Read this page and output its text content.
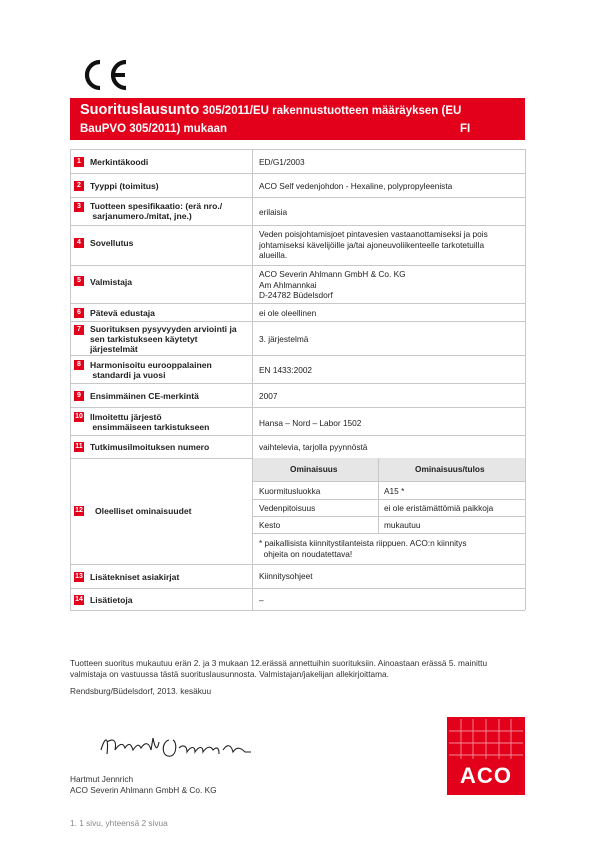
Suorituslausunto 305/2011/EU rakennustuotteen määräyksen (EU
BauPVO 305/2011) mukaan	FI
1	Merkintäkoodi	ED/G1/2003
2	Tyyppi (toimitus)	ACO Self vedenjohdon - Hexaline, polypropyleenista
3	Tuotteen spesifikaatio: (erä nro./
sarjanumero./mitat, jne.)	erilaisia
4	Sovellutus
Veden poisjohtamisjoet pintavesien vastaanottamiseksi ja pois
johtamiseksi kävelijöille ja/tai ajoneuvoliikenteelle tarkotetuilla
alueilla.
5	Valmistaja
ACO Severin Ahlmann GmbH & Co. KG
Am Ahlmannkai
D-24782 Büdelsdorf
6	Pätevä edustaja	ei ole oleellinen
7	Suorituksen pysyvyyden arviointi ja
sen tarkistukseen käytetyt
järjestelmät
3. järjestelmä
8	Harmonisoitu eurooppalainen
standardi ja vuosi	EN 1433:2002
9	Ensimmäinen CE-merkintä	2007
10 Ilmoitettu järjestö
ensimmäiseen tarkistukseen	Hansa – Nord – Labor 1502
11 Tutkimusilmoituksen numero	vaihtelevia, tarjolla pyynnöstä
12 Oleelliset ominaisuudet
Ominaisuus	Ominaisuus/tulos
Kuormitusluokka	A15 *
Vedenpitoisuus	ei ole eristämättömiä paikkoja
Kesto	mukautuu
* paikallisista kiinnitystilanteista riippuen. ACO:n kiinnitys
ohjeita on noudatettava!
13 Lisätekniset asiakirjat	Kiinnitysohjeet
14 Lisätietoja	–
Tuotteen suoritus mukautuu erän 2. ja 3 mukaan 12.erässä annettuihin suorituksiin. Ainoastaan erässä 5. mainittu
valmistaja on vastuussa tästä suorituslausunnosta. Valmistajan/jakelijan allekirjoittama.
Rendsburg/Büdelsdorf, 2013. kesäkuu
Hartmut Jennrich
ACO Severin Ahlmann GmbH & Co. KG
1. 1 sivu, yhteensä 2 sivua
ACO
